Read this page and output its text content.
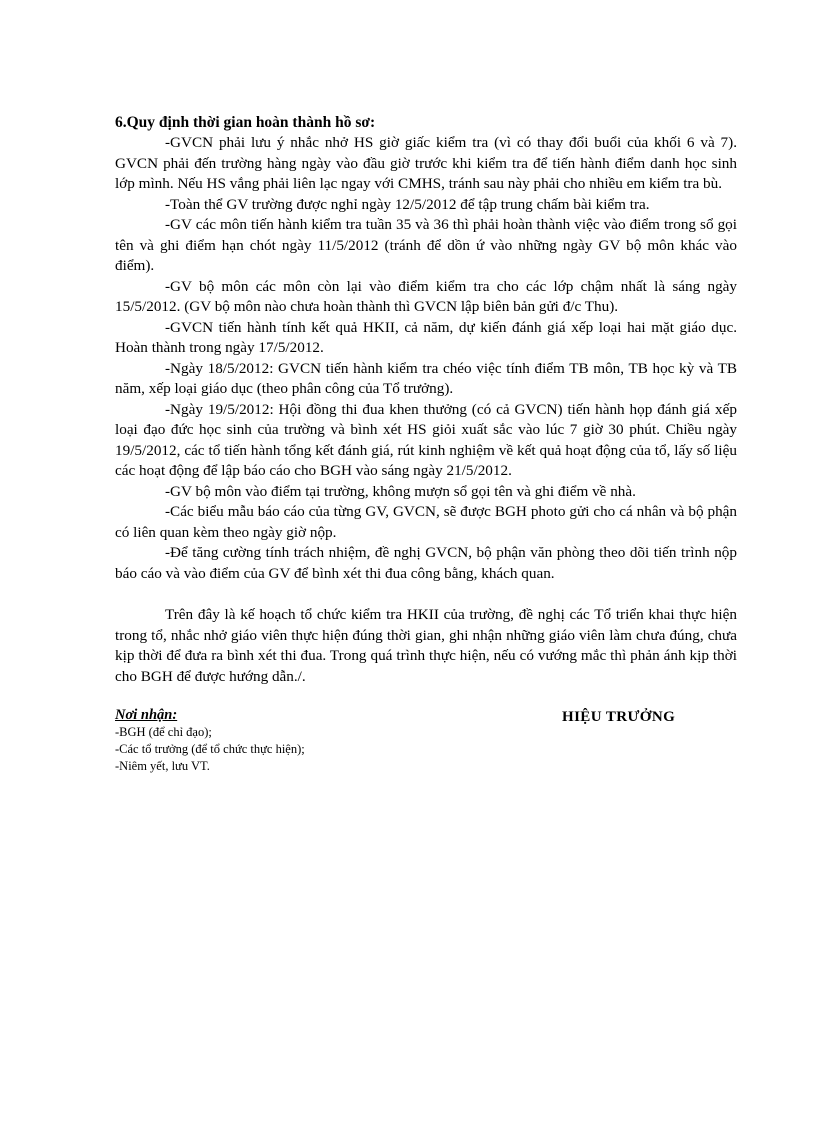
6.Quy định thời gian hoàn thành hồ sơ:

-GVCN phải lưu ý nhắc nhở HS giờ giấc kiểm tra (vì có thay đổi buổi của khối 6 và 7). GVCN phải đến trường hàng ngày vào đầu giờ trước khi kiểm tra để tiến hành điểm danh học sinh lớp mình. Nếu HS vắng phải liên lạc ngay với CMHS, tránh sau này phải cho nhiều em kiểm tra bù.

-Toàn thể GV trường được nghỉ ngày 12/5/2012 để tập trung chấm bài kiểm tra.

-GV các môn tiến hành kiểm tra tuần 35 và 36 thì phải hoàn thành việc vào điểm trong sổ gọi tên và ghi điểm hạn chót ngày 11/5/2012 (tránh để dồn ứ vào những ngày GV bộ môn khác vào điểm).

-GV bộ môn các môn còn lại vào điểm kiểm tra cho các lớp chậm nhất là sáng ngày 15/5/2012. (GV bộ môn nào chưa hoàn thành thì GVCN lập biên bản gửi đ/c Thu).

-GVCN tiến hành tính kết quả HKII, cả năm, dự kiến đánh giá xếp loại hai mặt giáo dục. Hoàn thành trong ngày 17/5/2012.

-Ngày 18/5/2012: GVCN tiến hành kiểm tra chéo việc tính điểm TB môn, TB học kỳ và TB năm, xếp loại giáo dục (theo phân công của Tổ trưởng).

-Ngày 19/5/2012: Hội đồng thi đua khen thưởng (có cả GVCN) tiến hành họp đánh giá xếp loại đạo đức học sinh của trường và bình xét HS giỏi xuất sắc vào lúc 7 giờ 30 phút. Chiều ngày 19/5/2012, các tổ tiến hành tổng kết đánh giá, rút kinh nghiệm về kết quả hoạt động của tổ, lấy số liệu các hoạt động để lập báo cáo cho BGH vào sáng ngày 21/5/2012.

-GV bộ môn vào điểm tại trường, không mượn sổ gọi tên và ghi điểm về nhà.

-Các biểu mẫu báo cáo của từng GV, GVCN, sẽ được BGH photo gửi cho cá nhân và bộ phận có liên quan kèm theo ngày giờ nộp.

-Để tăng cường tính trách nhiệm, đề nghị GVCN, bộ phận văn phòng theo dõi tiến trình nộp báo cáo và vào điểm của GV để bình xét thi đua công bằng, khách quan.

Trên đây là kế hoạch tổ chức kiểm tra HKII của trường, đề nghị các Tổ triển khai thực hiện trong tổ, nhắc nhở giáo viên thực hiện đúng thời gian, ghi nhận những giáo viên làm chưa đúng, chưa kịp thời để đưa ra bình xét thi đua. Trong quá trình thực hiện, nếu có vướng mắc thì phản ánh kịp thời cho BGH để được hướng dẫn./.

Nơi nhận:
-BGH (để chỉ đạo);
-Các tổ trưởng (để tổ chức thực hiện);
-Niêm yết, lưu VT.
HIỆU TRƯỞNG
